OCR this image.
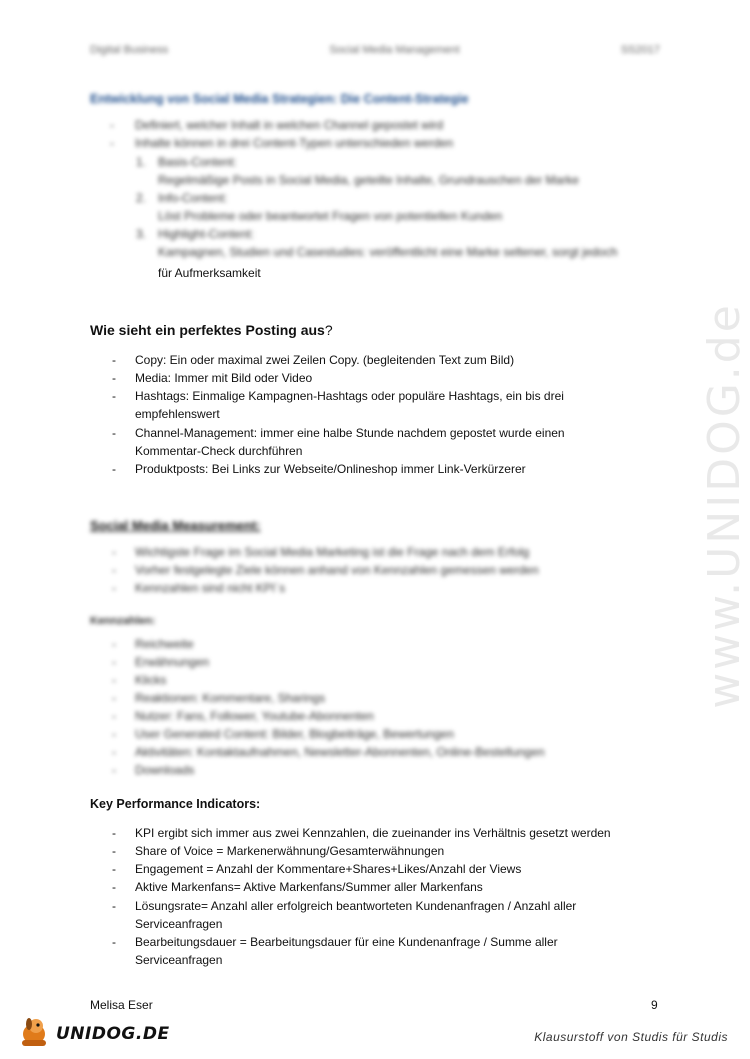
Digital Business	Social Media Management	SS2017
Entwicklung von Social Media Strategien: Die Content-Strategie
- Definiert, welcher Inhalt in welchen Channel gepostet wird
- Inhalte können in drei Content-Typen unterschieden werden
1. Basis-Content:
Regelmäßige Posts in Social Media, geteilte Inhalte, Grundrauschen der Marke
2. Info-Content:
Löst Probleme oder beantwortet Fragen von potentiellen Kunden
3. Highlight-Content:
Kampagnen, Studien und Casestudies: veröffentlicht eine Marke seltener, sorgt jedoch
für Aufmerksamkeit
Wie sieht ein perfektes Posting aus?
- Copy: Ein oder maximal zwei Zeilen Copy. (begleitenden Text zum Bild)
- Media: Immer mit Bild oder Video
- Hashtags: Einmalige Kampagnen-Hashtags oder populäre Hashtags, ein bis drei
empfehlenswert
- Channel-Management: immer eine halbe Stunde nachdem gepostet wurde einen
Kommentar-Check durchführen
- Produktposts: Bei Links zur Webseite/Onlineshop immer Link-Verkürzerer
Social Media Measurement:
- Wichtigste Frage im Social Media Marketing ist die Frage nach dem Erfolg
- Vorher festgelegte Ziele können anhand von Kennzahlen gemessen werden
- Kennzahlen sind nicht KPI´s
Kennzahlen:
- Reichweite
- Erwähnungen
- Klicks
- Reaktionen: Kommentare, Sharings
- Nutzer: Fans, Follower, Youtube-Abonnenten
- User Generated Content: Bilder, Blogbeiträge, Bewertungen
- Aktivitäten: Kontaktaufnahmen, Newsletter-Abonnenten, Online-Bestellungen
- Downloads
Key Performance Indicators:
- KPI ergibt sich immer aus zwei Kennzahlen, die zueinander ins Verhältnis gesetzt werden
- Share of Voice = Markenerwähnung/Gesamterwähnungen
- Engagement = Anzahl der Kommentare+Shares+Likes/Anzahl der Views
- Aktive Markenfans= Aktive Markenfans/Summer aller Markenfans
- Lösungsrate= Anzahl aller erfolgreich beantworteten Kundenanfragen / Anzahl aller
Serviceanfragen
- Bearbeitungsdauer = Bearbeitungsdauer für eine Kundenanfrage / Summe aller
Serviceanfragen
www.UNIDOG.de
Melisa Eser	9
UNIDOG.DE	Klausurstoff von Studis für Studis
